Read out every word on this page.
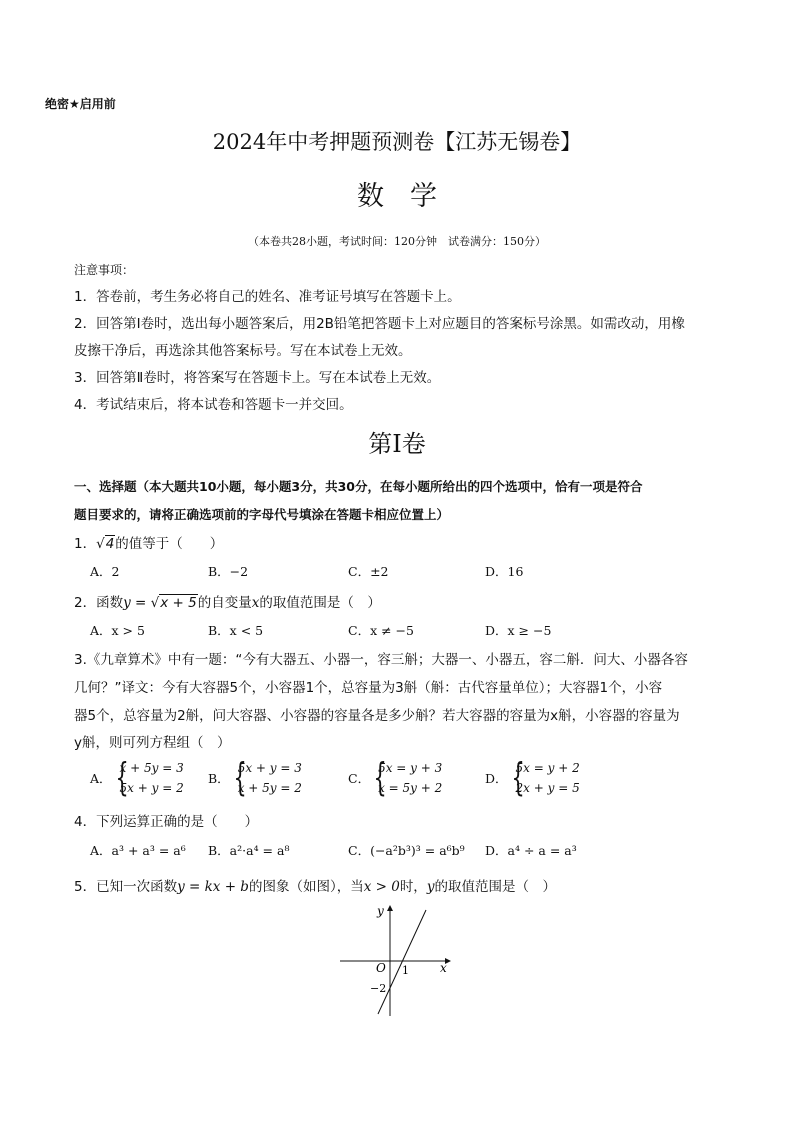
绝密★启用前
2024年中考押题预测卷【江苏无锡卷】
数学
（本卷共28小题，考试时间：120分钟　试卷满分：150分）
注意事项：
1．答卷前，考生务必将自己的姓名、准考证号填写在答题卡上。
2．回答第Ⅰ卷时，选出每小题答案后，用2B铅笔把答题卡上对应题目的答案标号涂黑。如需改动，用橡
皮擦干净后，再选涂其他答案标号。写在本试卷上无效。
3．回答第Ⅱ卷时，将答案写在答题卡上。写在本试卷上无效。
4．考试结束后，将本试卷和答题卡一并交回。
第Ⅰ卷
一、选择题（本大题共10小题，每小题3分，共30分，在每小题所给出的四个选项中，恰有一项是符合
题目要求的，请将正确选项前的字母代号填涂在答题卡相应位置上）
1．√4的值等于（　　）
A．2	B．−2	C．±2	D．16
2．函数y = √x + 5的自变量x的取值范围是（　）
A．x > 5	B．x < 5	C．x ≠ −5	D．x ≥ −5
3.《九章算术》中有一题：“今有大器五、小器一，容三斛；大器一、小器五，容二斛．问大、小器各容
几何？”译文：今有大容器5个，小容器1个，总容量为3斛（斛：古代容量单位）；大容器1个，小容
器5个，总容量为2斛，问大容器、小容器的容量各是多少斛？若大容器的容量为x斛，小容器的容量为
y斛，则可列方程组（　）
A．
{ x + 5y = 3
5x + y = 2
B．
{ 5x + y = 3
x + 5y = 2
C．
{ 5x = y + 3
x = 5y + 2
D．
{ 5x = y + 2
2x + y = 5
4．下列运算正确的是（　　）
A．a³ + a³ = a⁶ B．a²·a⁴ = a⁸	C．(−a²b³)³ = a⁶b⁹ D．a⁴ ÷ a = a³
5．已知一次函数y = kx + b的图象（如图），当x > 0时，y的取值范围是（　）
y
x
O 1
−2
